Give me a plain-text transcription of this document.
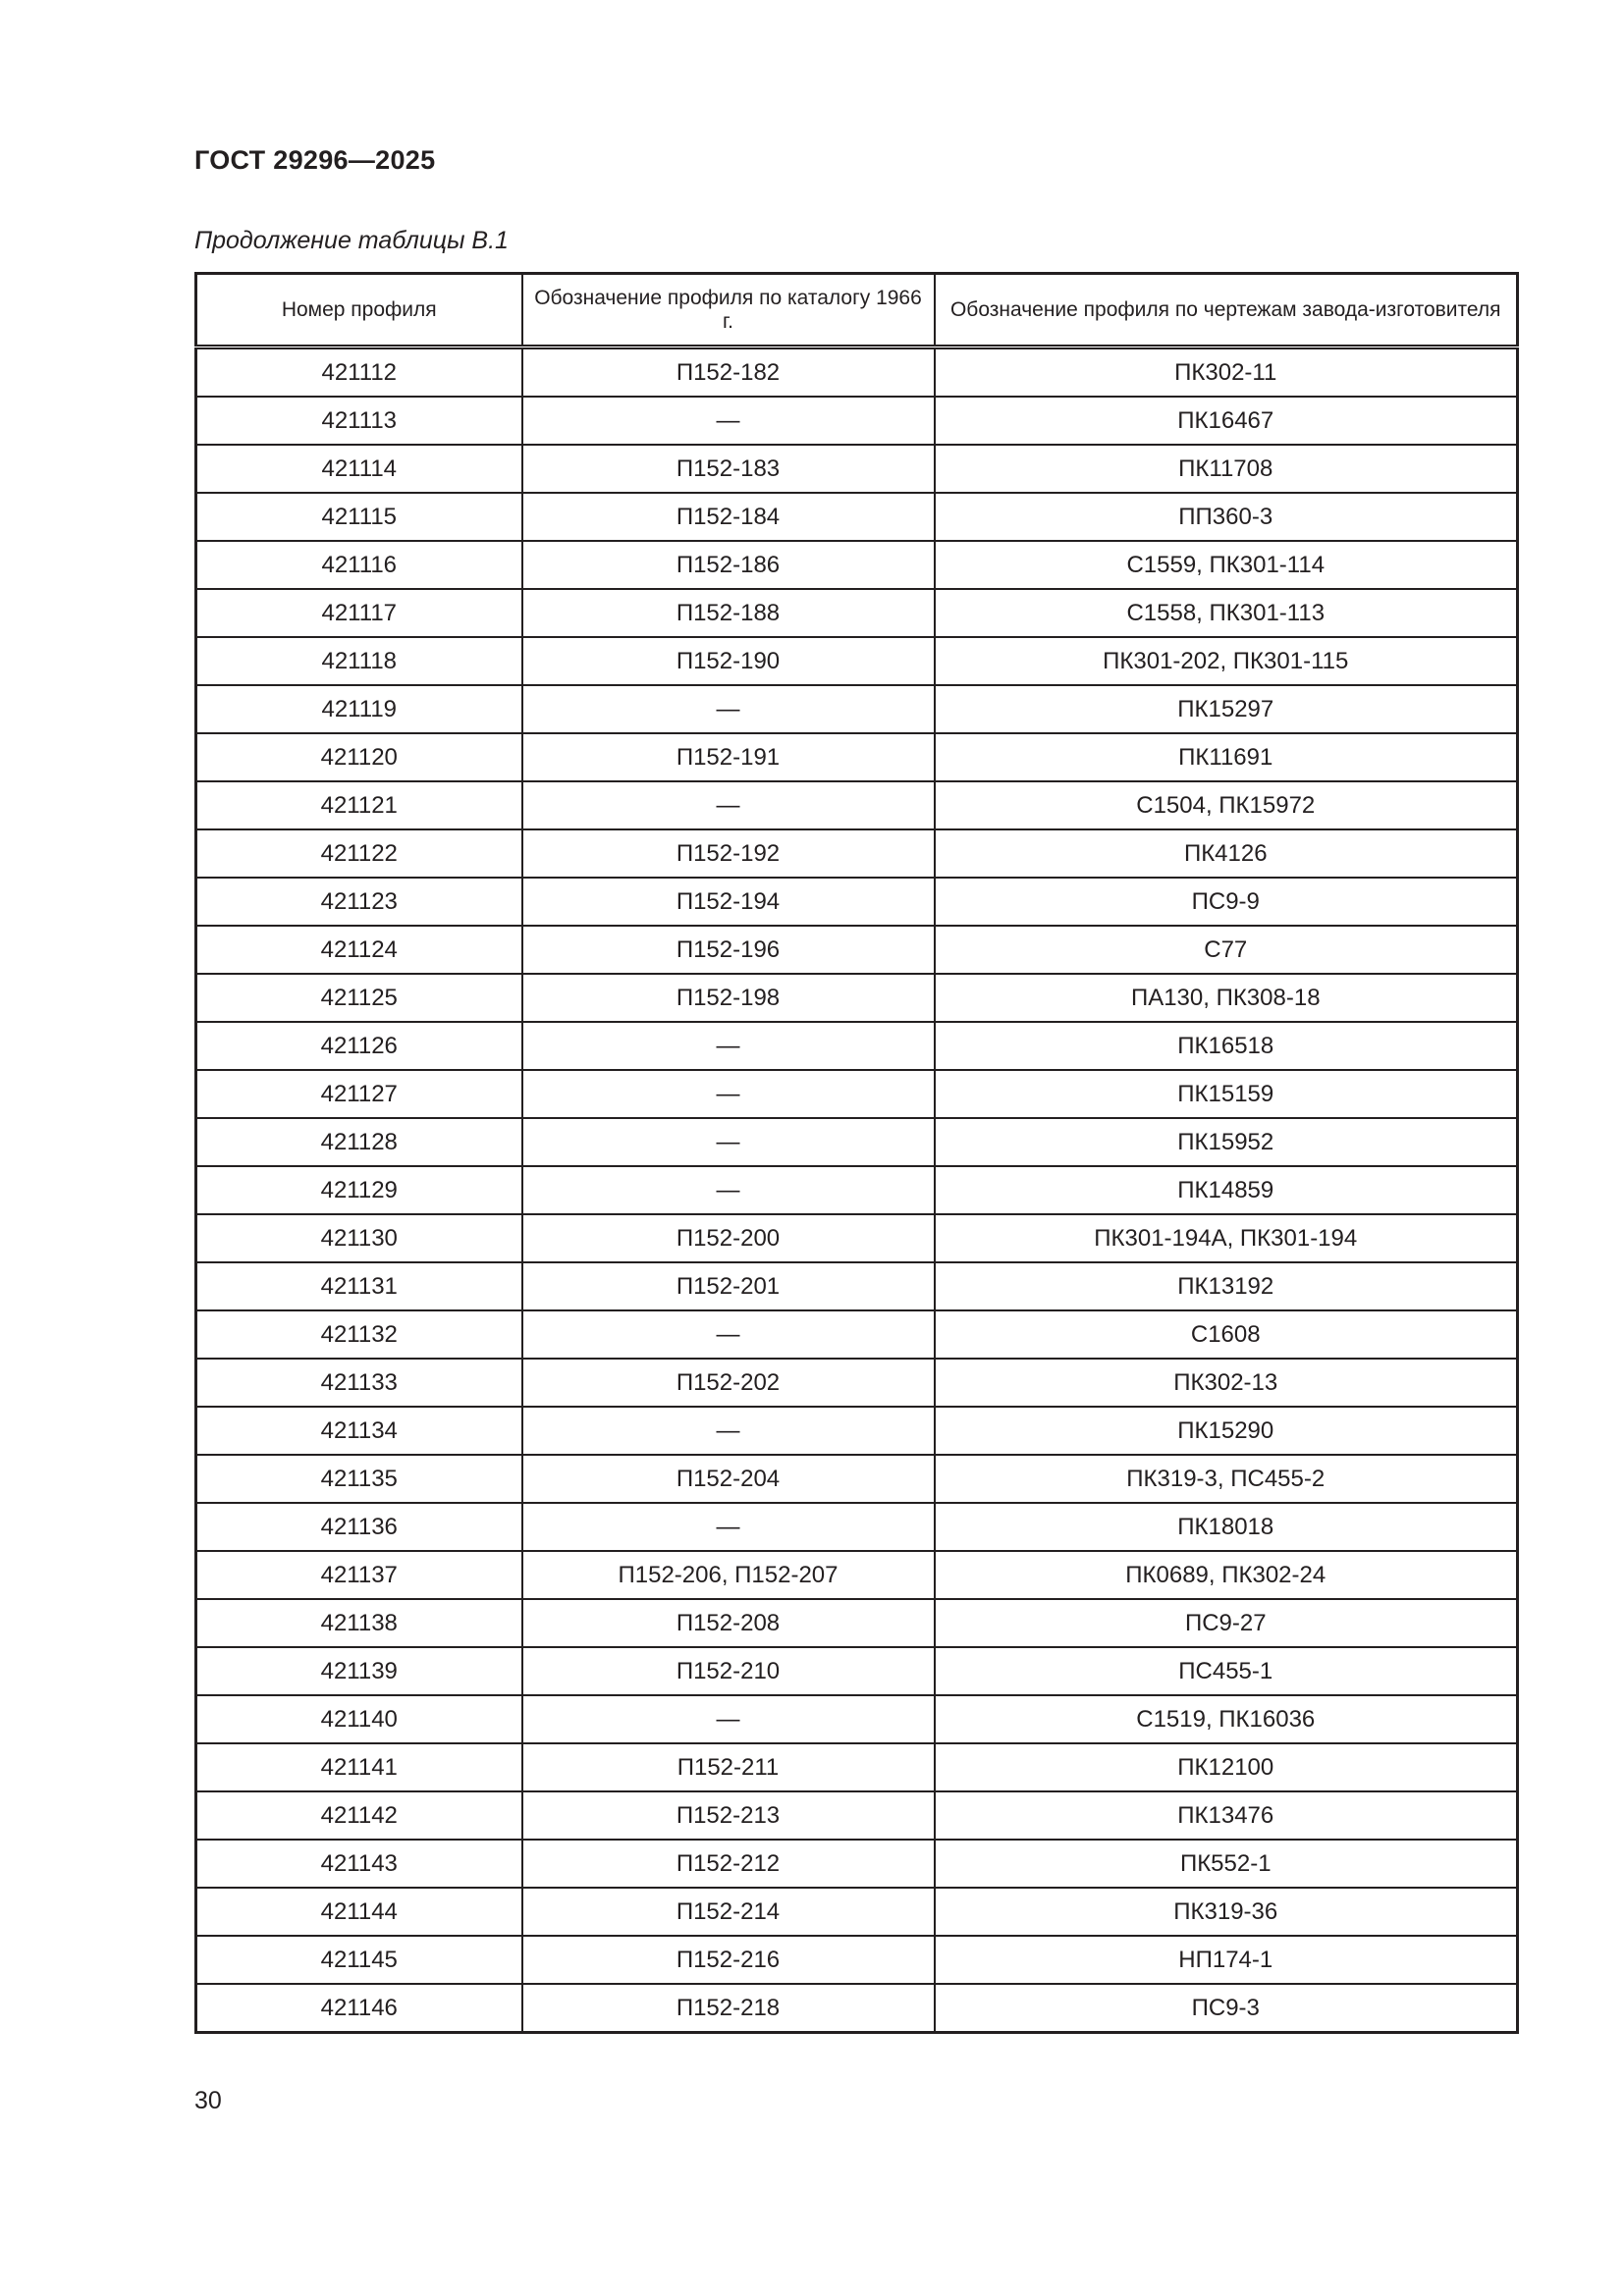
ГОСТ 29296—2025
Продолжение таблицы В.1
Номер профиля	Обозначение профиля по каталогу 1966 г.	Обозначение профиля по чертежам завода-изготовителя
421112	П152-182	ПК302-11
421113	—	ПК16467
421114	П152-183	ПК11708
421115	П152-184	ПП360-3
421116	П152-186	С1559, ПК301-114
421117	П152-188	С1558, ПК301-113
421118	П152-190	ПК301-202, ПК301-115
421119	—	ПК15297
421120	П152-191	ПК11691
421121	—	С1504, ПК15972
421122	П152-192	ПК4126
421123	П152-194	ПС9-9
421124	П152-196	С77
421125	П152-198	ПА130, ПК308-18
421126	—	ПК16518
421127	—	ПК15159
421128	—	ПК15952
421129	—	ПК14859
421130	П152-200	ПК301-194А, ПК301-194
421131	П152-201	ПК13192
421132	—	С1608
421133	П152-202	ПК302-13
421134	—	ПК15290
421135	П152-204	ПК319-3, ПС455-2
421136	—	ПК18018
421137	П152-206, П152-207	ПК0689, ПК302-24
421138	П152-208	ПС9-27
421139	П152-210	ПС455-1
421140	—	С1519, ПК16036
421141	П152-211	ПК12100
421142	П152-213	ПК13476
421143	П152-212	ПК552-1
421144	П152-214	ПК319-36
421145	П152-216	НП174-1
421146	П152-218	ПС9-3
30
